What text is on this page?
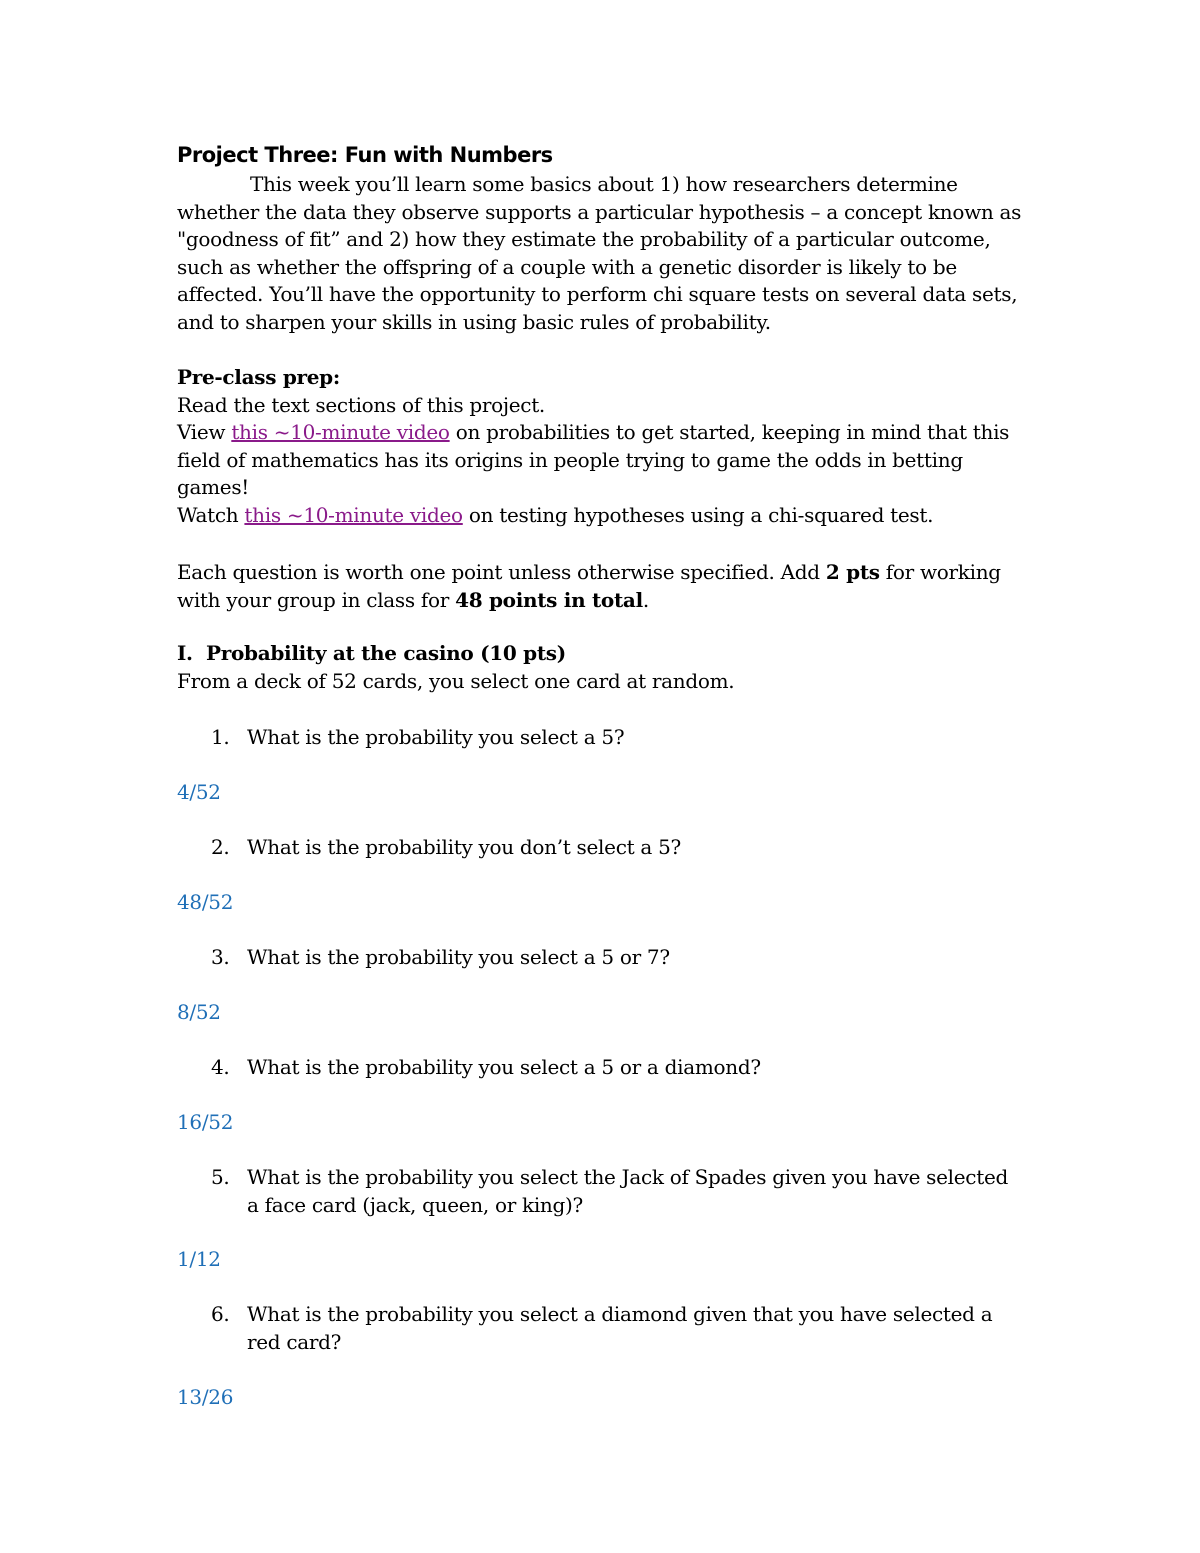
Project Three: Fun with Numbers

This week you’ll learn some basics about 1) how researchers determine whether the data they observe supports a particular hypothesis – a concept known as "goodness of fit” and 2) how they estimate the probability of a particular outcome, such as whether the offspring of a couple with a genetic disorder is likely to be affected. You’ll have the opportunity to perform chi square tests on several data sets, and to sharpen your skills in using basic rules of probability.

Pre-class prep:
Read the text sections of this project.
View this ~10-minute video on probabilities to get started, keeping in mind that this
field of mathematics has its origins in people trying to game the odds in betting
games!
Watch this ~10-minute video on testing hypotheses using a chi-squared test.
Each question is worth one point unless otherwise specified. Add 2 pts for working
with your group in class for 48 points in total.
I. Probability at the casino (10 pts)
From a deck of 52 cards, you select one card at random.
1. What is the probability you select a 5?
4/52
2. What is the probability you don’t select a 5?
48/52
3. What is the probability you select a 5 or 7?
8/52
4. What is the probability you select a 5 or a diamond?
16/52
5. What is the probability you select the Jack of Spades given you have selected
a face card (jack, queen, or king)?
1/12
6. What is the probability you select a diamond given that you have selected a
red card?
13/26
